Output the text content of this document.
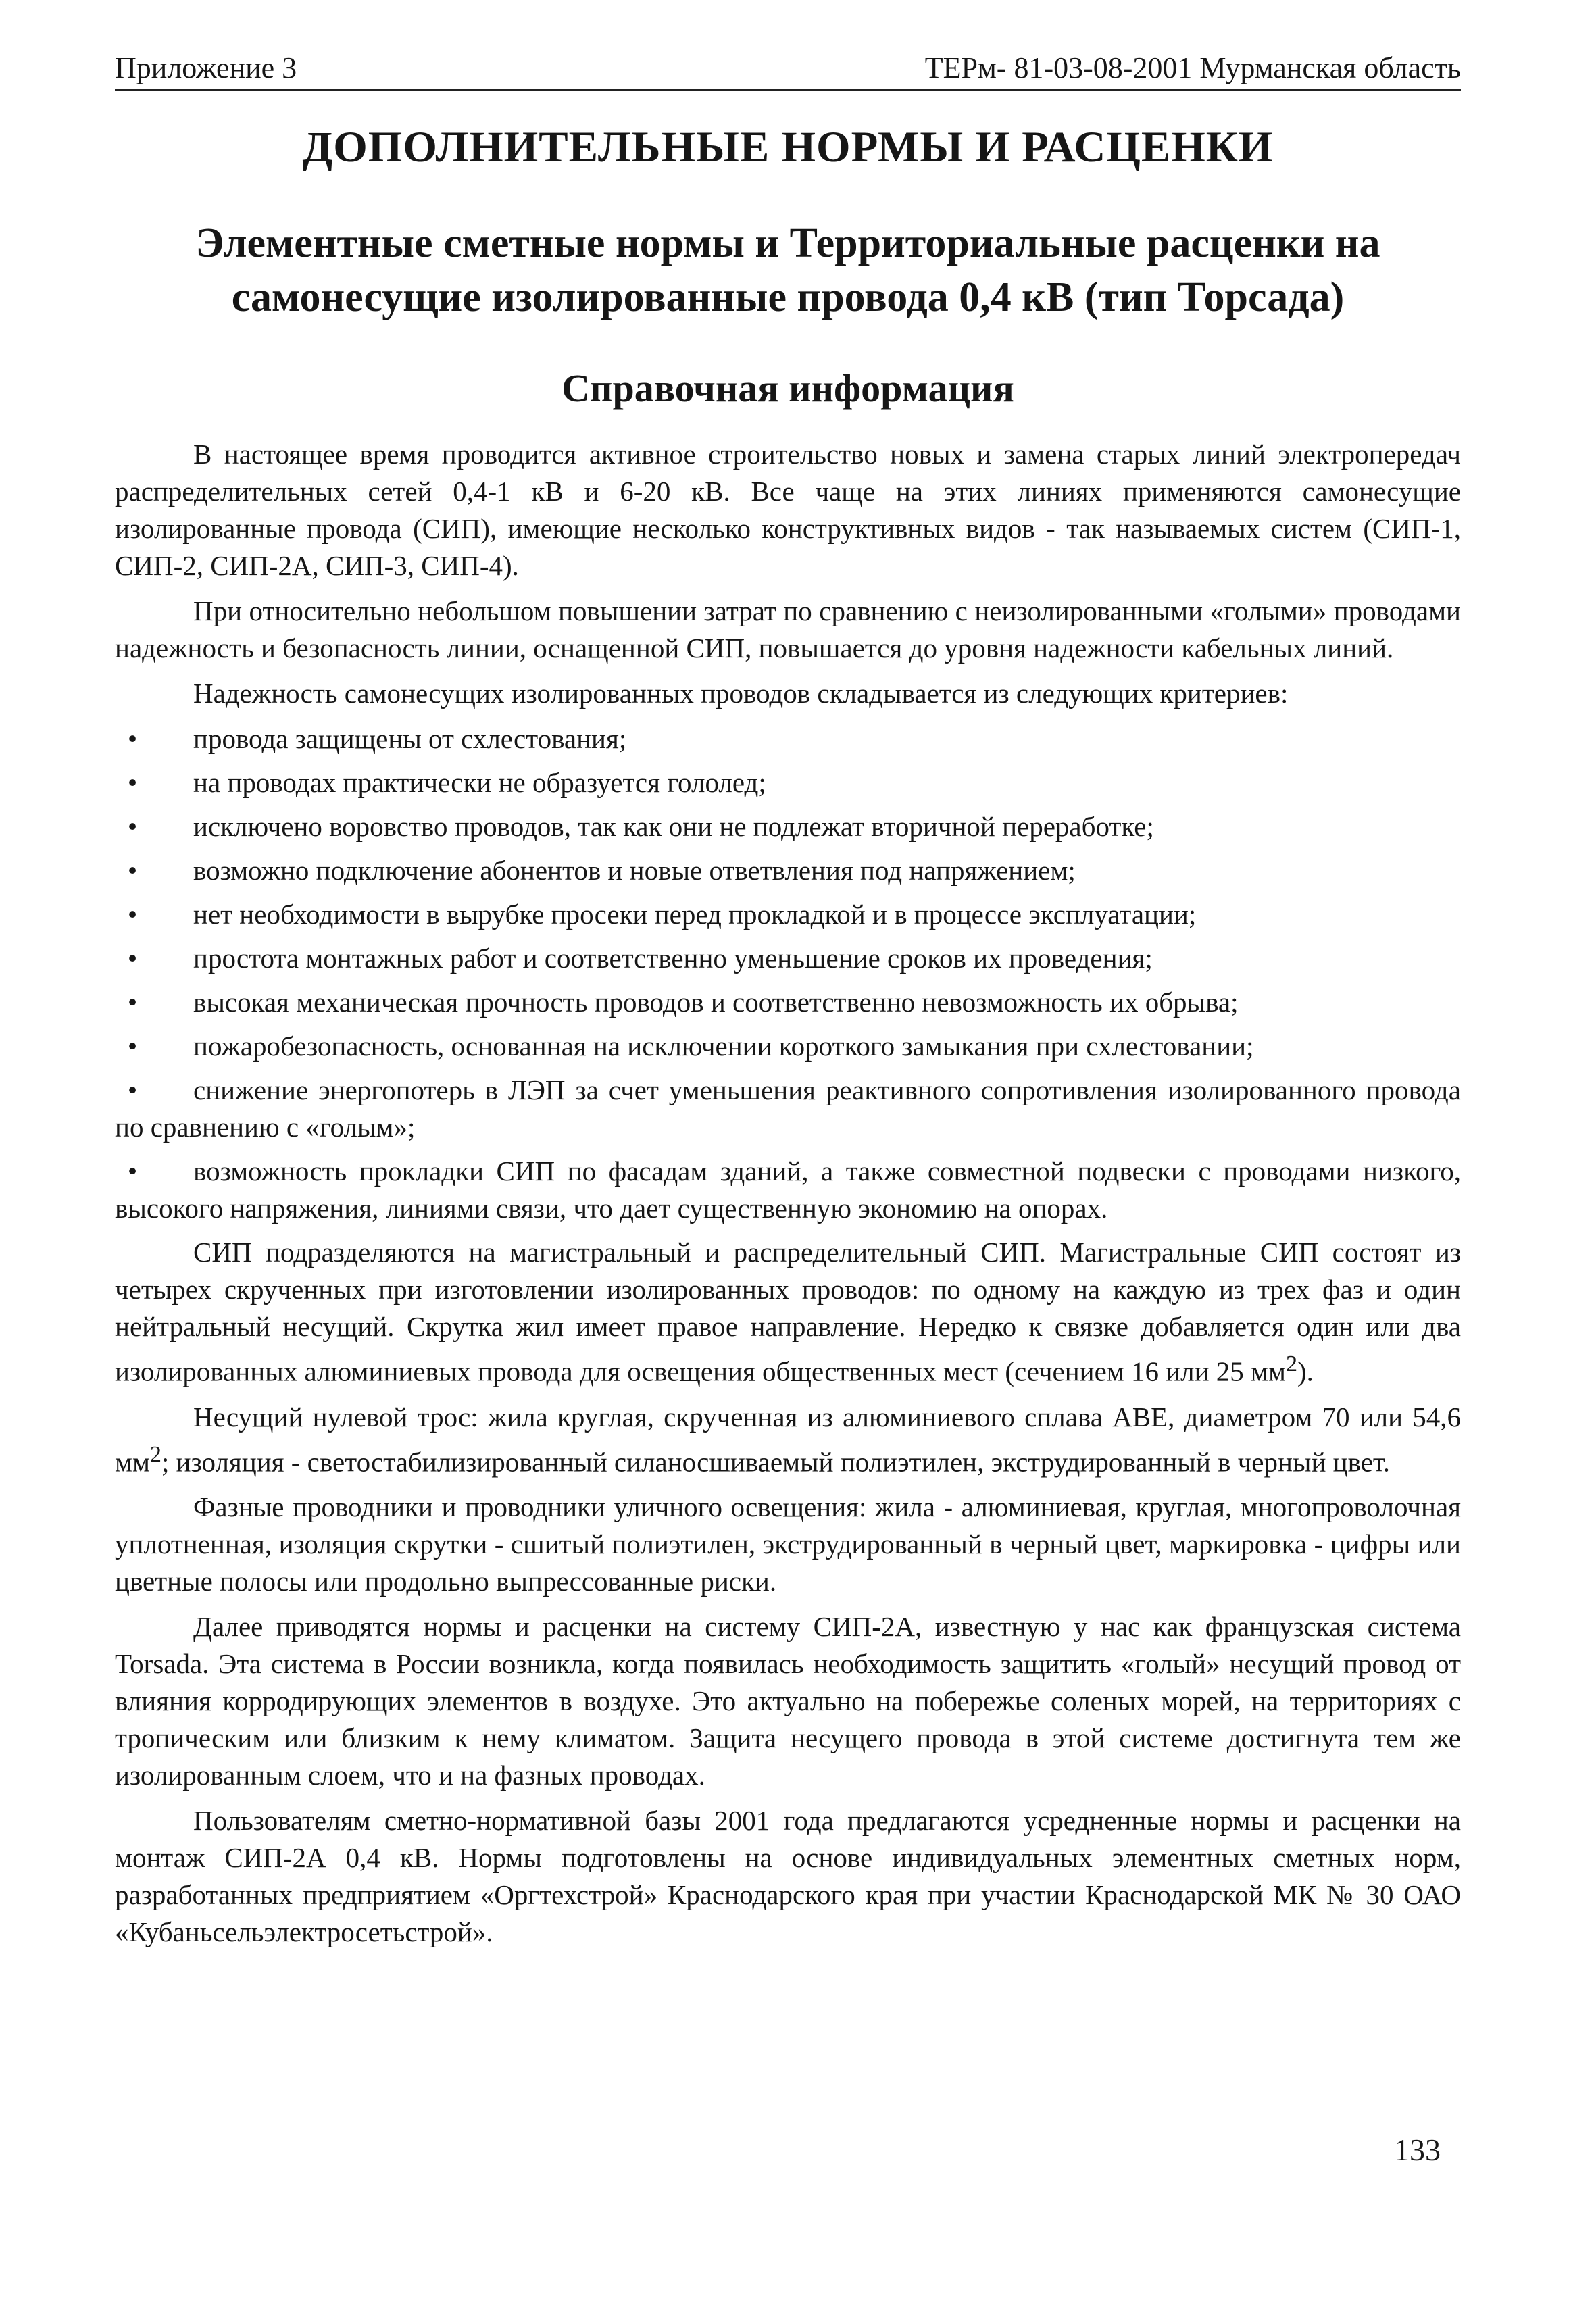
Приложение 3	ТЕРм- 81-03-08-2001 Мурманская область
ДОПОЛНИТЕЛЬНЫЕ НОРМЫ И РАСЦЕНКИ
Элементные сметные нормы и Территориальные расценки на
самонесущие изолированные провода 0,4 кВ (тип Торсада)
Справочная информация

В настоящее время проводится активное строительство новых и замена старых линий электропередач распределительных сетей 0,4-1 кВ и 6-20 кВ. Все чаще на этих линиях применяются самонесущие изолированные провода (СИП), имеющие несколько конструктивных видов - так называемых систем (СИП-1, СИП-2, СИП-2А, СИП-3, СИП-4).

При относительно небольшом повышении затрат по сравнению с неизолированными «голыми» проводами надежность и безопасность линии, оснащенной СИП, повышается до уровня надежности кабельных линий.

Надежность самонесущих изолированных проводов складывается из следующих критериев:

•	провода защищены от схлестования;
•	на проводах практически не образуется гололед;
•	исключено воровство проводов, так как они не подлежат вторичной переработке;
•	возможно подключение абонентов и новые ответвления под напряжением;
•	нет необходимости в вырубке просеки перед прокладкой и в процессе эксплуатации;
•	простота монтажных работ и соответственно уменьшение сроков их проведения;
•	высокая механическая прочность проводов и соответственно невозможность их обрыва;
•	пожаробезопасность, основанная на исключении короткого замыкания при схлестовании;
•	снижение энергопотерь в ЛЭП за счет уменьшения реактивного сопротивления изолированного провода по сравнению с «голым»;
•	возможность прокладки СИП по фасадам зданий, а также совместной подвески с проводами низкого, высокого напряжения, линиями связи, что дает существенную экономию на опорах.

СИП подразделяются на магистральный и распределительный СИП. Магистральные СИП состоят из четырех скрученных при изготовлении изолированных проводов: по одному на каждую из трех фаз и один нейтральный несущий. Скрутка жил имеет правое направление. Нередко к связке добавляется один или два изолированных алюминиевых провода для освещения общественных мест (сечением 16 или 25 $мм^2$).

Несущий нулевой трос: жила круглая, скрученная из алюминиевого сплава АВЕ, диаметром 70 или 54,6 $мм^2$; изоляция - светостабилизированный силаносшиваемый полиэтилен, экструдированный в черный цвет.

Фазные проводники и проводники уличного освещения: жила - алюминиевая, круглая, многопроволочная уплотненная, изоляция скрутки - сшитый полиэтилен, экструдированный в черный цвет, маркировка - цифры или цветные полосы или продольно выпрессованные риски.

Далее приводятся нормы и расценки на систему СИП-2А, известную у нас как французская система Torsada. Эта система в России возникла, когда появилась необходимость защитить «голый» несущий провод от влияния корродирующих элементов в воздухе. Это актуально на побережье соленых морей, на территориях с тропическим или близким к нему климатом. Защита несущего провода в этой системе достигнута тем же изолированным слоем, что и на фазных проводах.

Пользователям сметно-нормативной базы 2001 года предлагаются усредненные нормы и расценки на монтаж СИП-2А 0,4 кВ. Нормы подготовлены на основе индивидуальных элементных сметных норм, разработанных предприятием «Оргтехстрой» Краснодарского края при участии Краснодарской МК № 30 ОАО «Кубаньсельэлектросетьстрой».

133
